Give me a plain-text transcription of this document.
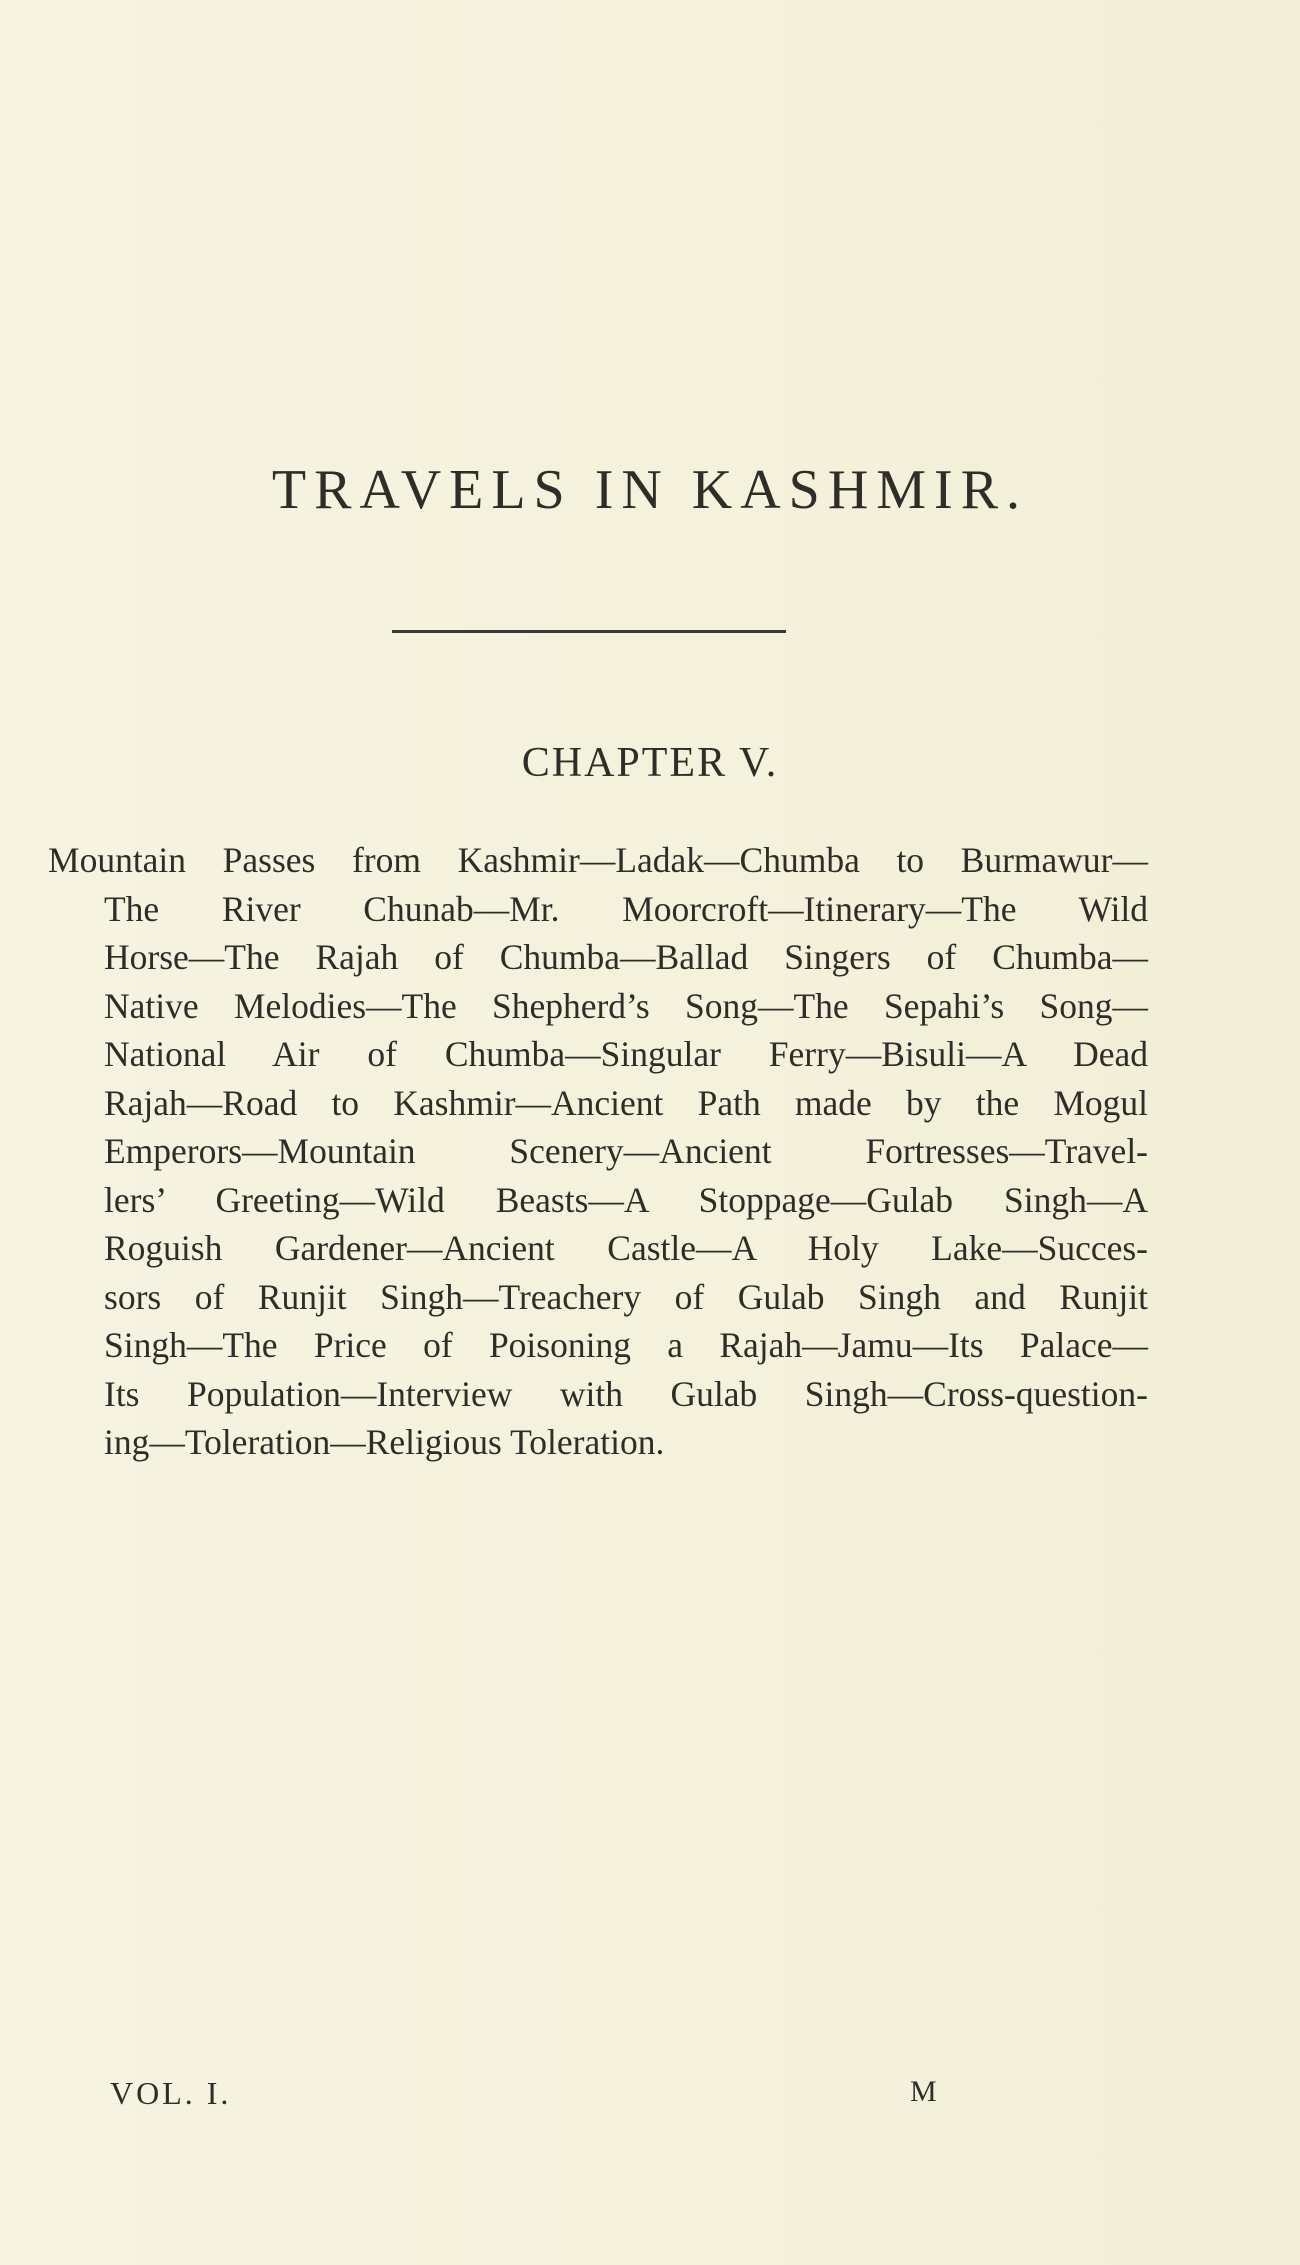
TRAVELS IN KASHMIR.
CHAPTER V.
Mountain Passes from Kashmir—Ladak—Chumba to Burmawur—
The River Chunab—Mr. Moorcroft—Itinerary—The Wild
Horse—The Rajah of Chumba—Ballad Singers of Chumba—
Native Melodies—The Shepherd’s Song—The Sepahi’s Song—
National Air of Chumba—Singular Ferry—Bisuli—A Dead
Rajah—Road to Kashmir—Ancient Path made by the Mogul
Emperors—Mountain Scenery—Ancient Fortresses—Travel-
lers’ Greeting—Wild Beasts—A Stoppage—Gulab Singh—A
Roguish Gardener—Ancient Castle—A Holy Lake—Succes-
sors of Runjit Singh—Treachery of Gulab Singh and Runjit
Singh—The Price of Poisoning a Rajah—Jamu—Its Palace—
Its Population—Interview with Gulab Singh—Cross-question-
ing—Toleration—Religious Toleration.
VOL. I.	M
